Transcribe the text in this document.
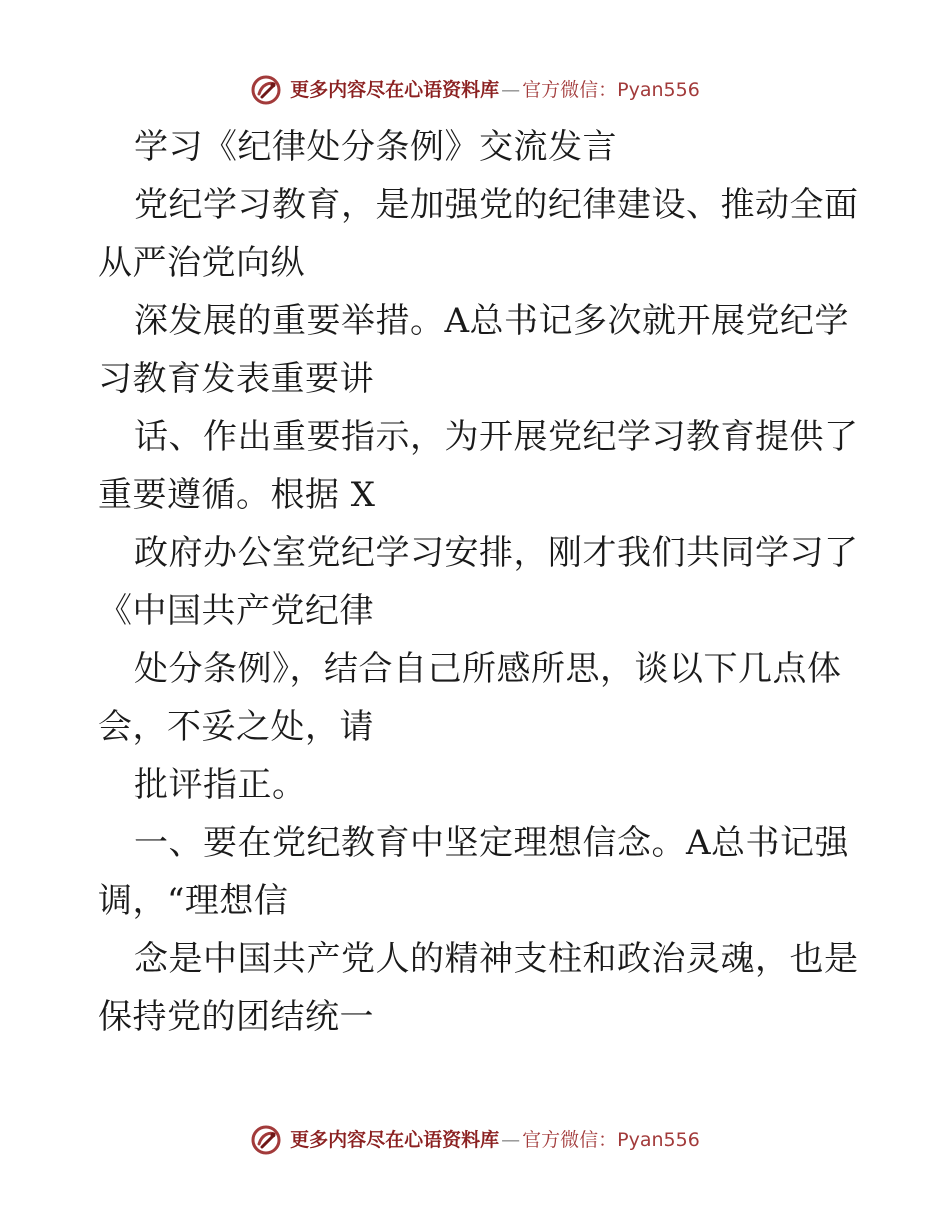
更多内容尽在心语资料库 — 官方微信：Pyan556
学习《纪律处分条例》交流发言
党纪学习教育，是加强党的纪律建设、推动全面
从严治党向纵
深发展的重要举措。A总书记多次就开展党纪学
习教育发表重要讲
话、作出重要指示，为开展党纪学习教育提供了
重要遵循。根据 X
政府办公室党纪学习安排，刚才我们共同学习了
《中国共产党纪律
处分条例》，结合自己所感所思，谈以下几点体
会，不妥之处，请
批评指正。
一、要在党纪教育中坚定理想信念。A总书记强
调，“理想信
念是中国共产党人的精神支柱和政治灵魂，也是
保持党的团结统一
更多内容尽在心语资料库 — 官方微信：Pyan556
